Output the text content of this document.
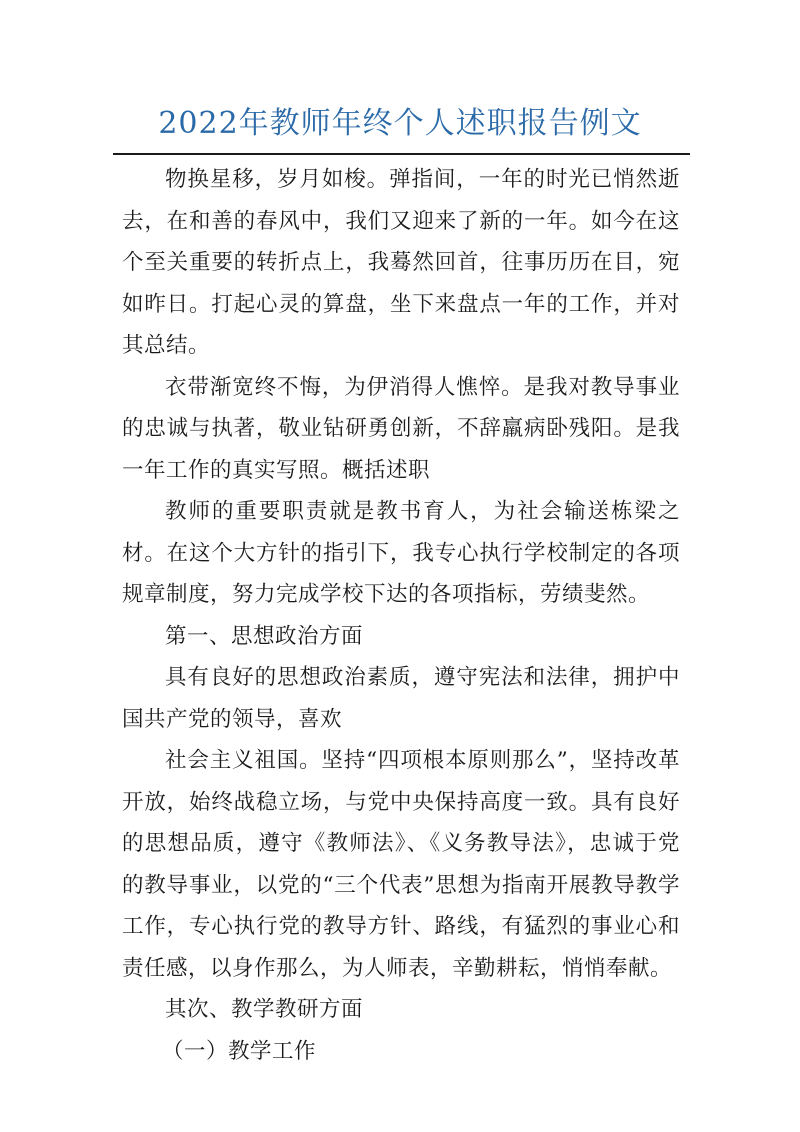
2022年教师年终个人述职报告例文

物换星移，岁月如梭。弹指间，一年的时光已悄然逝去，在和善的春风中，我们又迎来了新的一年。如今在这个至关重要的转折点上，我蓦然回首，往事历历在目，宛如昨日。打起心灵的算盘，坐下来盘点一年的工作，并对其总结。

衣带渐宽终不悔，为伊消得人憔悴。是我对教导事业的忠诚与执著，敬业钻研勇创新，不辞羸病卧残阳。是我一年工作的真实写照。概括述职

教师的重要职责就是教书育人，为社会输送栋梁之材。在这个大方针的指引下，我专心执行学校制定的各项规章制度，努力完成学校下达的各项指标，劳绩斐然。

第一、思想政治方面

具有良好的思想政治素质，遵守宪法和法律，拥护中国共产党的领导，喜欢

社会主义祖国。坚持“四项根本原则那么”，坚持改革开放，始终战稳立场，与党中央保持高度一致。具有良好的思想品质，遵守《教师法》、《义务教导法》，忠诚于党的教导事业，以党的“三个代表”思想为指南开展教导教学工作，专心执行党的教导方针、路线，有猛烈的事业心和责任感，以身作那么，为人师表，辛勤耕耘，悄悄奉献。

其次、教学教研方面

（一）教学工作
